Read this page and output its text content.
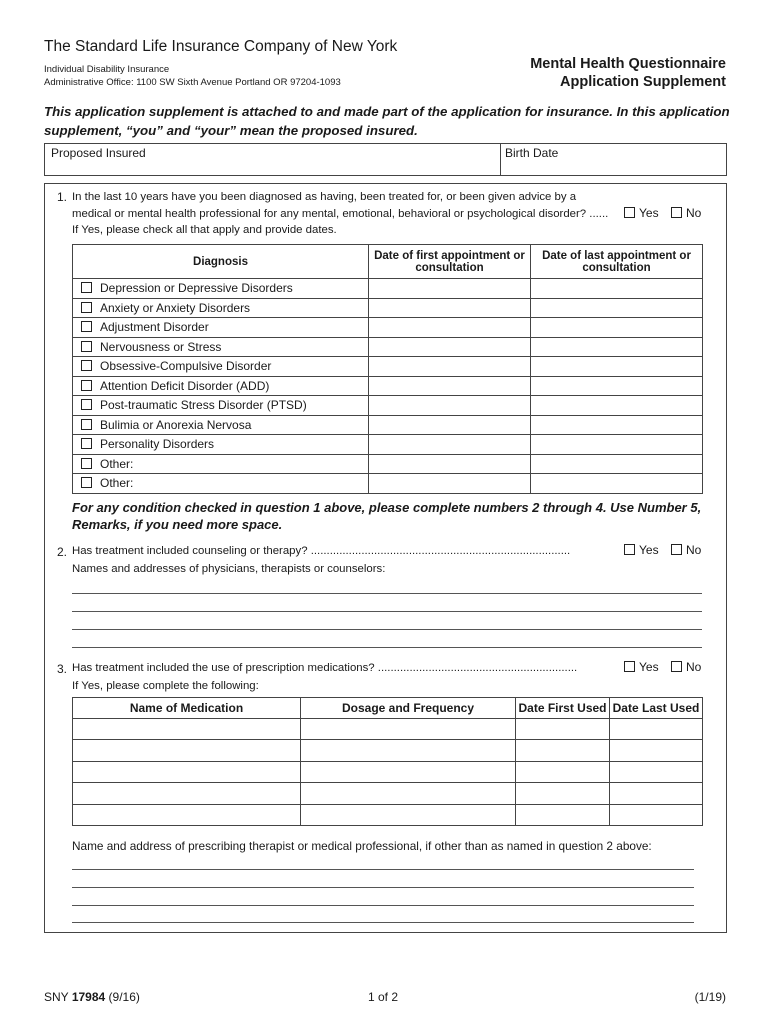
The Standard Life Insurance Company of New York
Individual Disability Insurance
Administrative Office: 1100 SW Sixth Avenue Portland OR 97204-1093
Mental Health Questionnaire
Application Supplement
This application supplement is attached to and made part of the application for insurance. In this application supplement, “you” and “your” mean the proposed insured.
Proposed Insured	Birth Date
1. In the last 10 years have you been diagnosed as having, been treated for, or been given advice by a
medical or mental health professional for any mental, emotional, behavioral or psychological disorder? ......	Yes	No
If Yes, please check all that apply and provide dates.
Diagnosis	Date of first appointment or consultation	Date of last appointment or consultation
Depression or Depressive Disorders		
Anxiety or Anxiety Disorders		
Adjustment Disorder		
Nervousness or Stress		
Obsessive-Compulsive Disorder		
Attention Deficit Disorder (ADD)		
Post-traumatic Stress Disorder (PTSD)		
Bulimia or Anorexia Nervosa		
Personality Disorders		
Other:		
Other:		
For any condition checked in question 1 above, please complete numbers 2 through 4. Use Number 5, Remarks, if you need more space.
2. Has treatment included counseling or therapy? ..................................................................................	Yes	No
Names and addresses of physicians, therapists or counselors:
3. Has treatment included the use of prescription medications? ...............................................................	Yes	No
If Yes, please complete the following:
Name of Medication	Dosage and Frequency	Date First Used	Date Last Used

Name and address of prescribing therapist or medical professional, if other than as named in question 2 above:
SNY 17984 (9/16)	1 of 2	(1/19)
